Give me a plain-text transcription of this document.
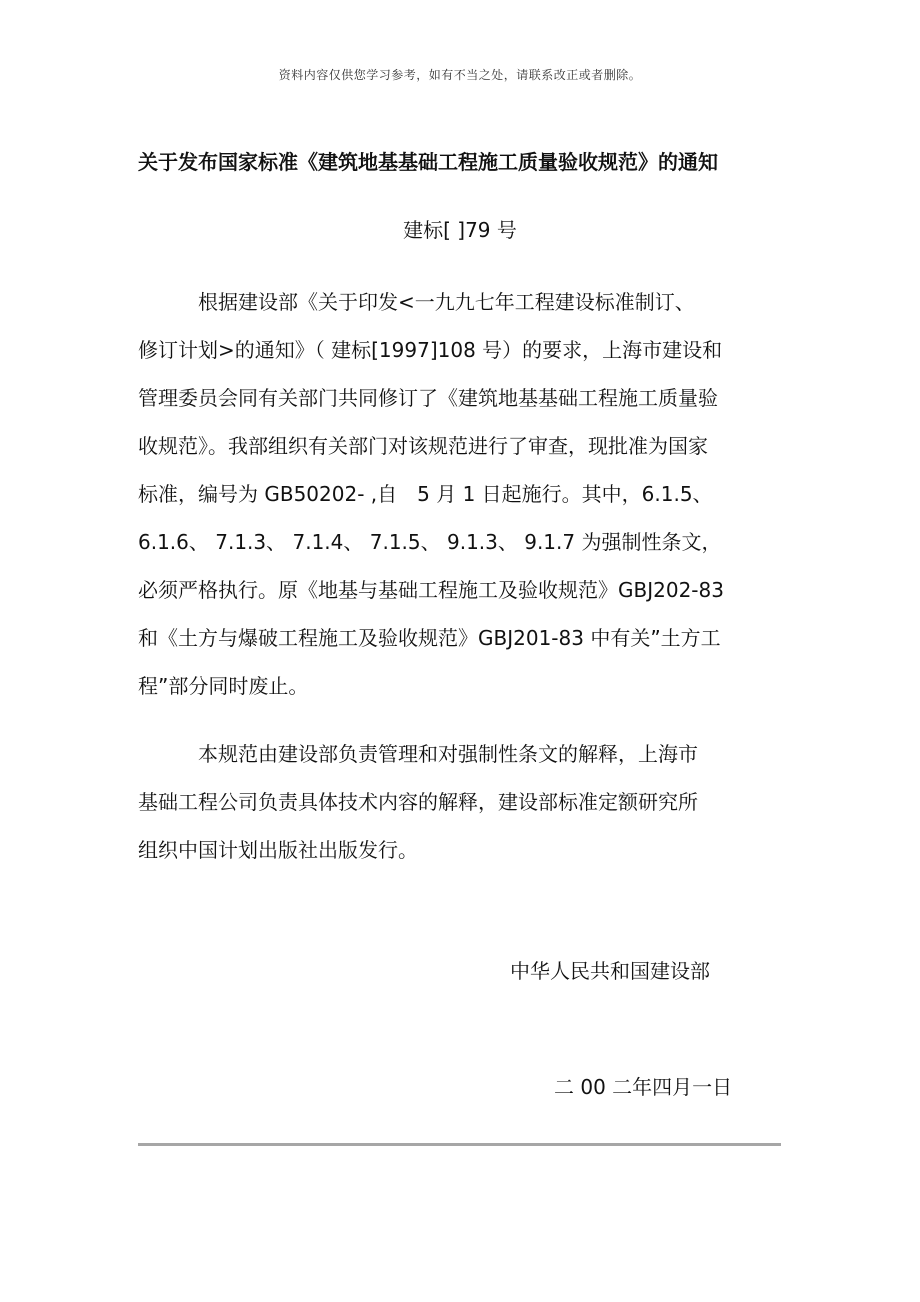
资料内容仅供您学习参考，如有不当之处，请联系改正或者删除。
关于发布国家标准《建筑地基基础工程施工质量验收规范》的通知
建标[ ]79 号
　　　根据建设部《关于印发<一九九七年工程建设标准制订、
修订计划>的通知》（ 建标[1997]108 号）的要求，上海市建设和
管理委员会同有关部门共同修订了《建筑地基基础工程施工质量验
收规范》。我部组织有关部门对该规范进行了审查，现批准为国家
标准，编号为 GB50202- ,自　5 月 1 日起施行。其中，6.1.5、
6.1.6、 7.1.3、 7.1.4、 7.1.5、 9.1.3、 9.1.7 为强制性条文，
必须严格执行。原《地基与基础工程施工及验收规范》GBJ202-83
和《土方与爆破工程施工及验收规范》GBJ201-83 中有关”土方工
程”部分同时废止。
　　　本规范由建设部负责管理和对强制性条文的解释，上海市
基础工程公司负责具体技术内容的解释，建设部标准定额研究所
组织中国计划出版社出版发行。
中华人民共和国建设部
二 00 二年四月一日
